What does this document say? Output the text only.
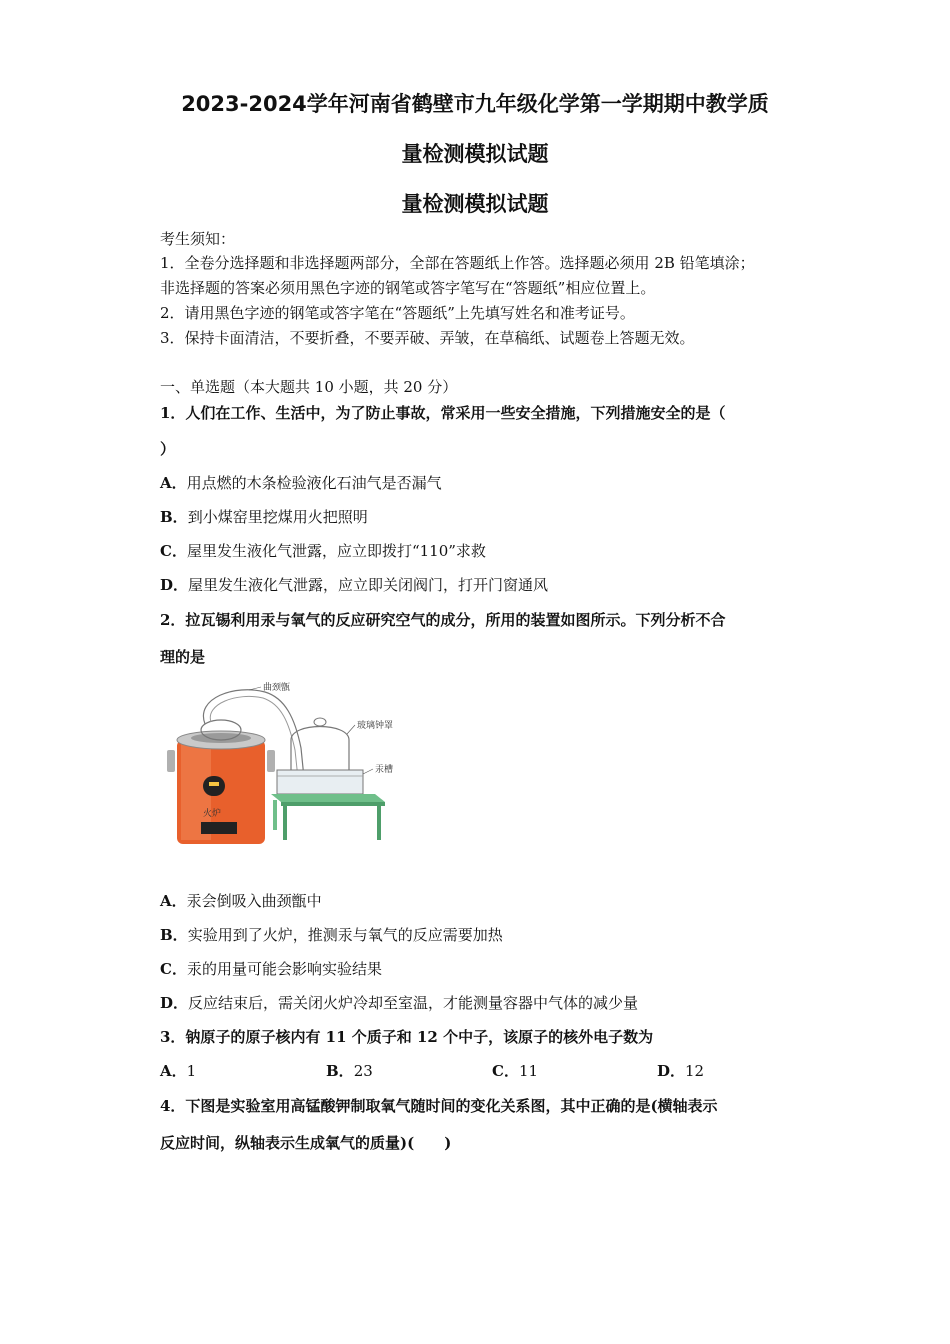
2023-2024学年河南省鹤壁市九年级化学第一学期期中教学质
量检测模拟试题
量检测模拟试题
考生须知：
1．全卷分选择题和非选择题两部分，全部在答题纸上作答。选择题必须用 2B 铅笔填涂；
非选择题的答案必须用黑色字迹的钢笔或答字笔写在“答题纸”相应位置上。
2．请用黑色字迹的钢笔或答字笔在“答题纸”上先填写姓名和准考证号。
3．保持卡面清洁，不要折叠，不要弄破、弄皱，在草稿纸、试题卷上答题无效。
一、单选题（本大题共 10 小题，共 20 分）
1．人们在工作、生活中，为了防止事故，常采用一些安全措施，下列措施安全的是（
）
A．用点燃的木条检验液化石油气是否漏气
B．到小煤窑里挖煤用火把照明
C．屋里发生液化气泄露，应立即拨打“110”求救
D．屋里发生液化气泄露，应立即关闭阀门，打开门窗通风
2．拉瓦锡利用汞与氧气的反应研究空气的成分，所用的装置如图所示。下列分析不合
理的是
火炉
曲颈甑
玻璃钟罩
汞槽
A．汞会倒吸入曲颈甑中
B．实验用到了火炉，推测汞与氧气的反应需要加热
C．汞的用量可能会影响实验结果
D．反应结束后，需关闭火炉冷却至室温，才能测量容器中气体的减少量
3．钠原子的原子核内有 11 个质子和 12 个中子，该原子的核外电子数为
A．1	B．23	C．11	D．12
4．下图是实验室用高锰酸钾制取氧气随时间的变化关系图，其中正确的是(横轴表示
反应时间，纵轴表示生成氧气的质量)(　　)
